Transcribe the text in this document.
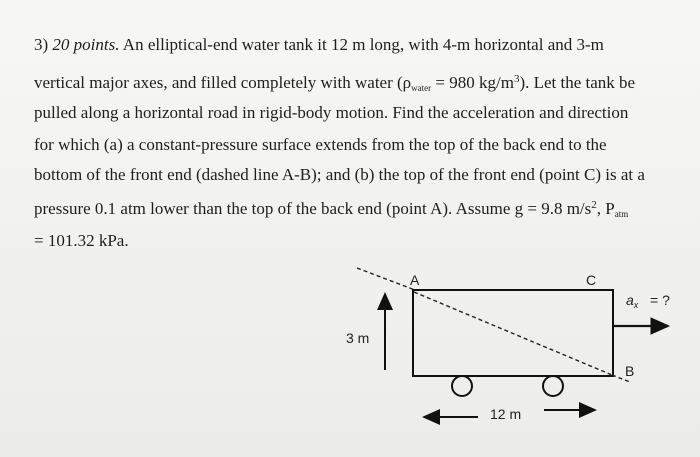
3) 20 points. An elliptical-end water tank it 12 m long, with 4-m horizontal and 3-m
vertical major axes, and filled completely with water ($\rho_{water} = 980$ $kg/m^3$). Let the tank be
pulled along a horizontal road in rigid-body motion. Find the acceleration and direction
for which (a) a constant-pressure surface extends from the top of the back end to the
bottom of the front end (dashed line A-B); and (b) the top of the front end (point C) is at a
pressure 0.1 atm lower than the top of the back end (point A). Assume g = 9.8 $m/s^2$, $P_{atm}$
= 101.32 kPa.
A	C
B
3 m
12 m
$a_x$ = ?
